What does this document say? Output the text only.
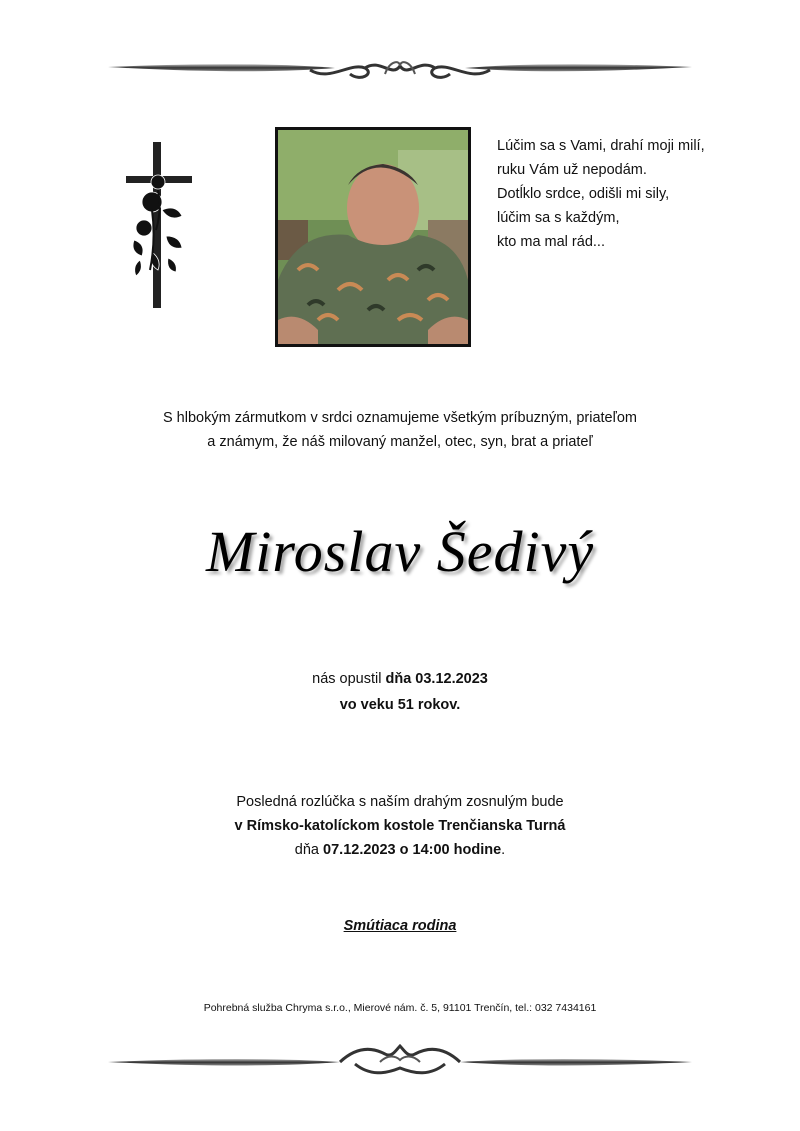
Lúčim sa s Vami, drahí moji milí,
ruku Vám už nepodám.
Dotĺklo srdce, odišli mi sily,
lúčim sa s každým,
kto ma mal rád...
S hlbokým zármutkom v srdci oznamujeme všetkým príbuzným, priateľom
a známym, že náš milovaný manžel, otec, syn, brat a priateľ
Miroslav Šedivý
nás opustil dňa 03.12.2023
vo veku 51 rokov.
Posledná rozlúčka s naším drahým zosnulým bude
v Rímsko-katolíckom kostole Trenčianska Turná
dňa 07.12.2023 o 14:00 hodine.
Smútiaca rodina
Pohrebná služba Chryma s.r.o., Mierové nám. č. 5, 91101 Trenčín, tel.: 032 7434161
